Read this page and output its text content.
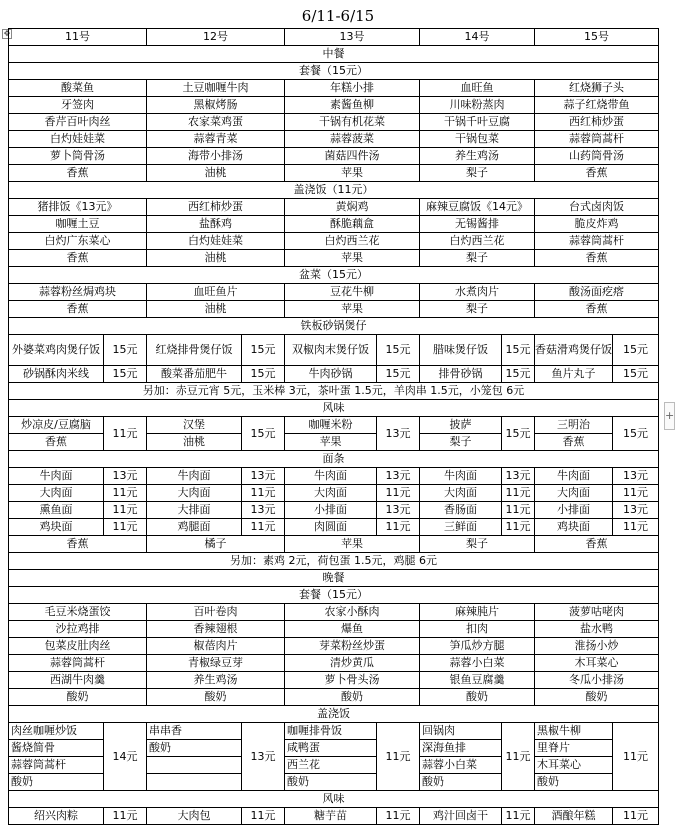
6/11-6/15
✥	11号		12号		13号		14号		15号	
中餐									
套餐（15元）									
酸菜鱼		土豆咖喱牛肉		年糕小排		血旺鱼		红烧狮子头	
牙签肉		黑椒烤肠		素酱鱼柳		川味粉蒸肉		蒜子红烧带鱼	
香芹百叶肉丝		农家菜鸡蛋		干锅有机花菜		干锅千叶豆腐		西红柿炒蛋	
白灼娃娃菜		蒜蓉青菜		蒜蓉菠菜		干锅包菜		蒜蓉筒蒿杆	
萝卜筒骨汤		海带小排汤		菌菇四件汤		养生鸡汤		山药筒骨汤	
香蕉		油桃		苹果		梨子		香蕉	
盖浇饭（11元）									
猪排饭《13元》		西红柿炒蛋		黄焖鸡		麻辣豆腐饭《14元》		台式卤肉饭	
咖喱土豆		盐酥鸡		酥脆藕盒		无锡酱排		脆皮炸鸡	
白灼广东菜心		白灼娃娃菜		白灼西兰花		白灼西兰花		蒜蓉筒蒿杆	
香蕉		油桃		苹果		梨子		香蕉	
盆菜（15元）									
蒜蓉粉丝焗鸡块		血旺鱼片		豆花牛柳		水煮肉片		酸汤面疙瘩	
香蕉		油桃		苹果		梨子		香蕉	
铁板砂锅煲仔									
外婆菜鸡肉煲仔饭	15元	红烧排骨煲仔饭	15元	双椒肉末煲仔饭	15元	腊味煲仔饭	15元	香菇滑鸡煲仔饭	15元
砂锅酥肉米线	15元	酸菜番茄肥牛	15元	牛肉砂锅	15元	排骨砂锅	15元	鱼片丸子	15元
另加：赤豆元宵 5元，玉米棒 3元，茶叶蛋 1.5元，羊肉串 1.5元，小笼包 6元									
风味									
炒凉皮/豆腐脑	11元	汉堡	15元	咖喱米粉	13元	披萨	15元	三明治	15元
香蕉		油桃		苹果		梨子		香蕉	
面条									
牛肉面	13元	牛肉面	13元	牛肉面	13元	牛肉面	13元	牛肉面	13元
大肉面	11元	大肉面	11元	大肉面	11元	大肉面	11元	大肉面	11元
熏鱼面	11元	大排面	13元	小排面	13元	香肠面	11元	小排面	13元
鸡块面	11元	鸡腿面	11元	肉圆面	11元	三鲜面	11元	鸡块面	11元
香蕉		橘子		苹果		梨子		香蕉	
另加：素鸡 2元，荷包蛋 1.5元，鸡腿 6元									
晚餐									
套餐（15元）									
毛豆米烧蛋饺		百叶卷肉		农家小酥肉		麻辣肫片		菠萝咕咾肉	
沙拉鸡排		香辣翅根		爆鱼		扣肉		盐水鸭	
包菜皮肚肉丝		椒蓓肉片		芽菜粉丝炒蛋		笋瓜炒方腿		淮扬小炒	
蒜蓉筒蒿杆		青椒绿豆芽		清炒黄瓜		蒜蓉小白菜		木耳菜心	
西湖牛肉羹		养生鸡汤		萝卜骨头汤		银鱼豆腐羹		冬瓜小排汤	
酸奶		酸奶		酸奶		酸奶		酸奶	
盖浇饭									
肉丝咖喱炒饭	14元	串串香	13元	咖喱排骨饭	11元	回锅肉	11元	黑椒牛柳	11元
酱烧简骨		酸奶		咸鸭蛋		深海鱼排		里脊片	
蒜蓉筒蒿杆				西兰花		蒜蓉小白菜		木耳菜心	
酸奶				酸奶		酸奶		酸奶	
风味									
绍兴肉粽	11元	大肉包	11元	糖芋苗	11元	鸡汁回卤干	11元	酒酿年糕	11元
+
